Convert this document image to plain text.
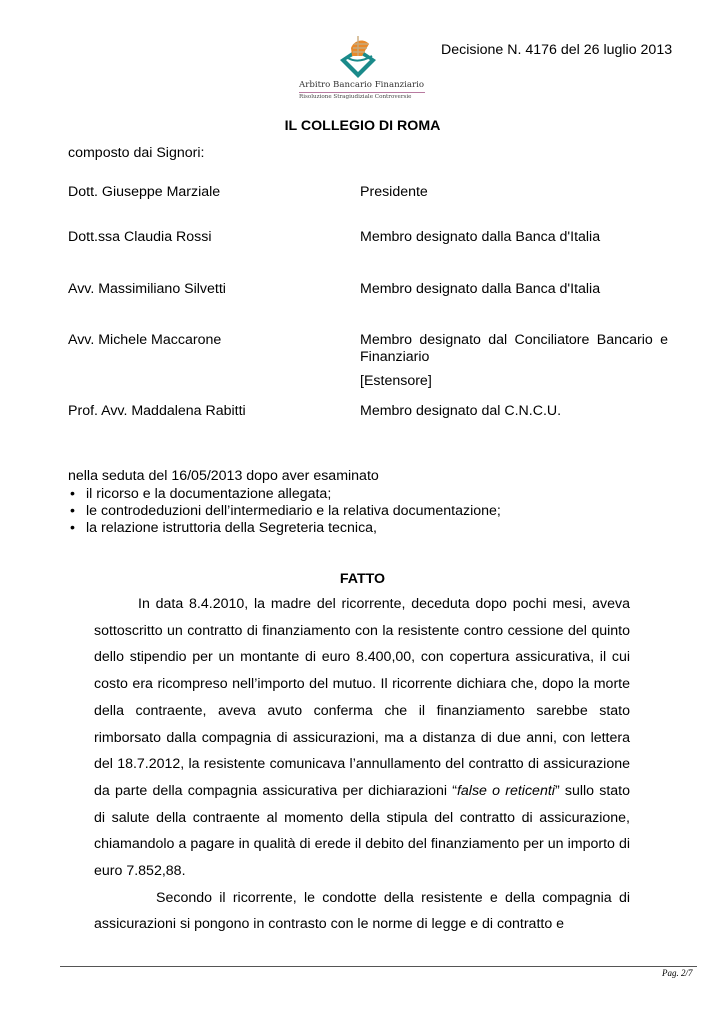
Decisione N. 4176 del 26 luglio 2013
Arbitro Bancario Finanziario
Risoluzione Stragiudiziale Controversie
IL COLLEGIO DI ROMA
composto dai Signori:
Dott. Giuseppe Marziale	Presidente
Dott.ssa Claudia Rossi	Membro designato dalla Banca d'Italia
Avv. Massimiliano Silvetti	Membro designato dalla Banca d'Italia
Avv. Michele Maccarone	Membro designato dal Conciliatore Bancario e Finanziario
[Estensore]
Prof. Avv. Maddalena Rabitti	Membro designato dal C.N.C.U.
nella seduta del 16/05/2013 dopo aver esaminato
• il ricorso e la documentazione allegata;
• le controdeduzioni dell’intermediario e la relativa documentazione;
• la relazione istruttoria della Segreteria tecnica,
FATTO

In data 8.4.2010, la madre del ricorrente, deceduta dopo pochi mesi, aveva sottoscritto un contratto di finanziamento con la resistente contro cessione del quinto dello stipendio per un montante di euro 8.400,00, con copertura assicurativa, il cui costo era ricompreso nell’importo del mutuo. Il ricorrente dichiara che, dopo la morte della contraente, aveva avuto conferma che il finanziamento sarebbe stato rimborsato dalla compagnia di assicurazioni, ma a distanza di due anni, con lettera del 18.7.2012, la resistente comunicava l’annullamento del contratto di assicurazione da parte della compagnia assicurativa per dichiarazioni “false o reticenti” sullo stato di salute della contraente al momento della stipula del contratto di assicurazione, chiamandolo a pagare in qualità di erede il debito del finanziamento per un importo di euro 7.852,88.

Secondo il ricorrente, le condotte della resistente e della compagnia di assicurazioni si pongono in contrasto con le norme di legge e di contratto e

Pag. 2/7
